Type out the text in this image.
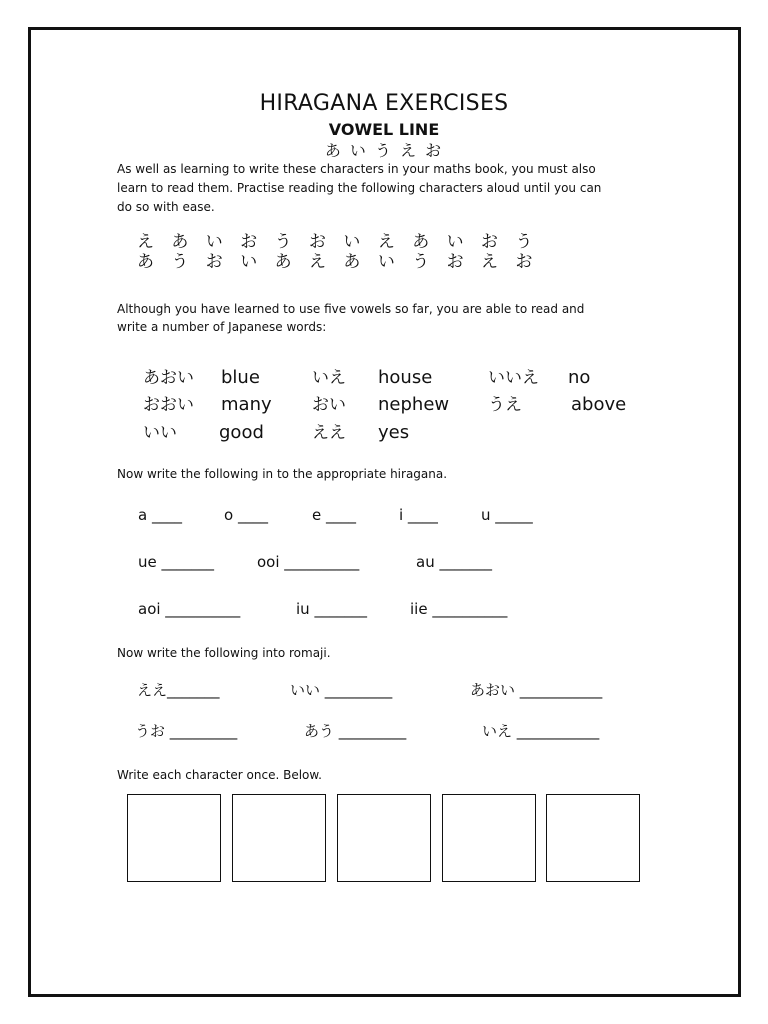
HIRAGANA EXERCISES
VOWEL LINE
あ い う え お
As well as learning to write these characters in your maths book, you must also
learn to read them. Practise reading the following characters aloud until you can
do so with ease.
え あ い お う お い え あ い お う
あ う お い あ え あ い う お え お
Although you have learned to use five vowels so far, you are able to read and
write a number of Japanese words:
あおい blue	いえ house	いいえ no
おおい many おい nephew うえ	above
いい good	ええ yes
Now write the following in to the appropriate hiragana.
a ____	o ____	e ____	i ____	u _____
ue _______	ooi __________	au _______
aoi __________	iu _______	iie __________
Now write the following into romaji.
ええ_______	いい _________	あおい ___________
うお _________	あう _________	いえ ___________
Write each character once. Below.
